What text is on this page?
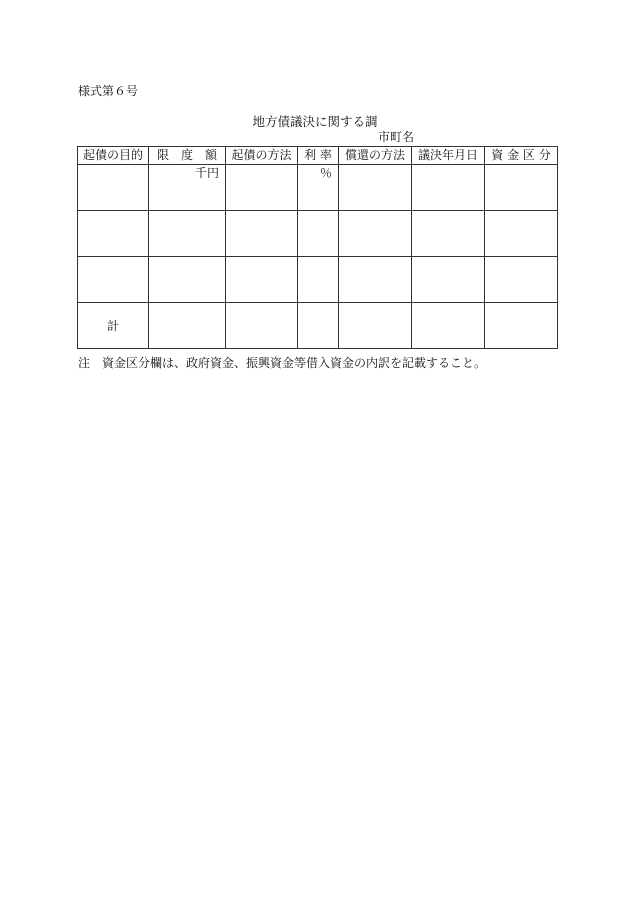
様式第６号
地方債議決に関する調
市町名
起債の目的	限　度　額	起債の方法	利 率	償還の方法	議決年月日	資 金 区 分

	千円		％			

計						
注　資金区分欄は、政府資金、振興資金等借入資金の内訳を記載すること。
